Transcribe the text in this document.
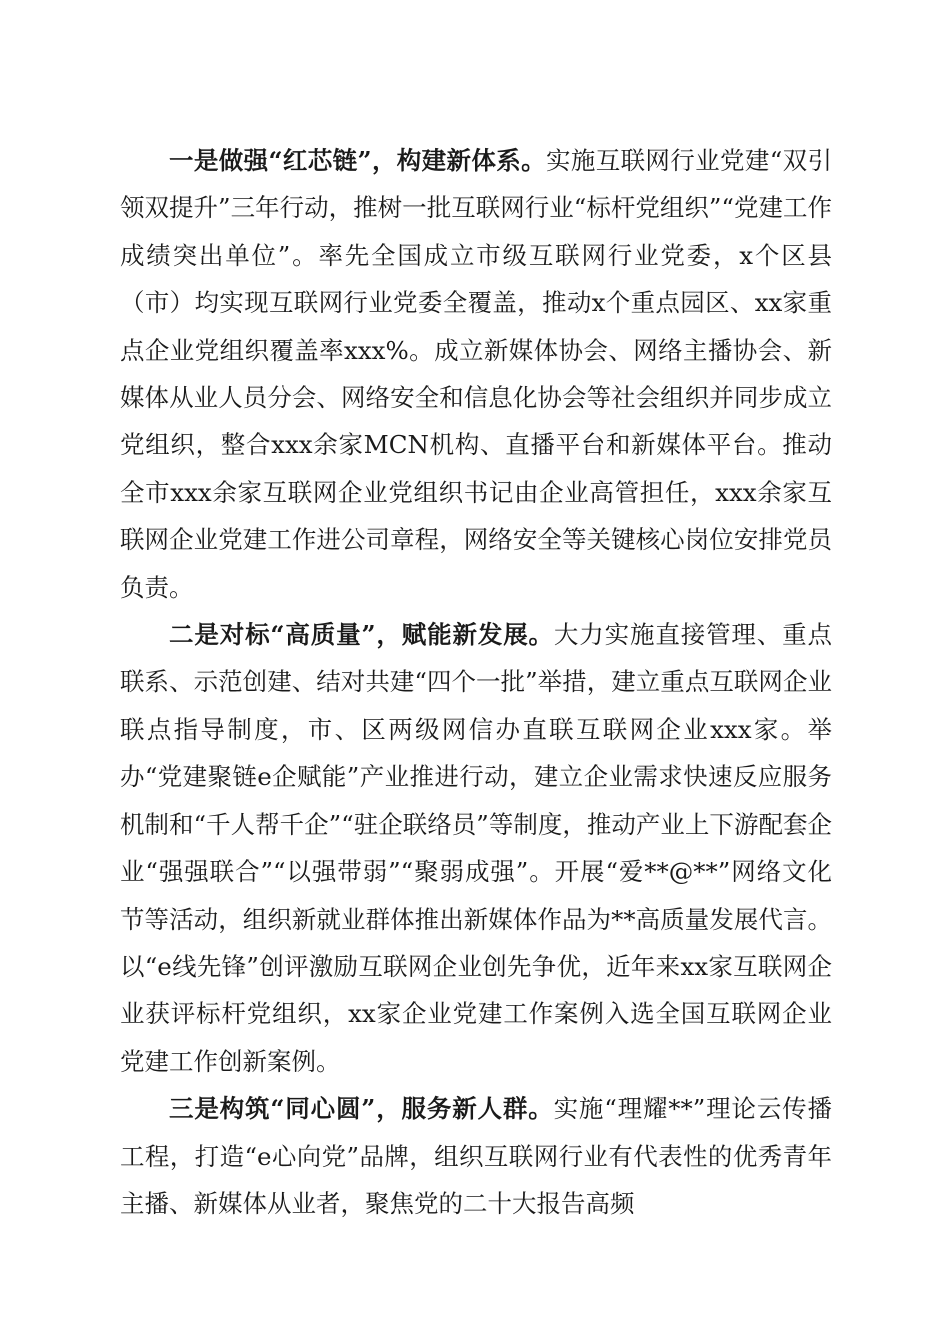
一是做强“红芯链”，构建新体系。实施互联网行业党建“双引领双提升”三年行动，推树一批互联网行业“标杆党组织”“党建工作成绩突出单位”。率先全国成立市级互联网行业党委，x个区县（市）均实现互联网行业党委全覆盖，推动x个重点园区、xx家重点企业党组织覆盖率xxx%。成立新媒体协会、网络主播协会、新媒体从业人员分会、网络安全和信息化协会等社会组织并同步成立党组织，整合xxx余家MCN机构、直播平台和新媒体平台。推动全市xxx余家互联网企业党组织书记由企业高管担任，xxx余家互联网企业党建工作进公司章程，网络安全等关键核心岗位安排党员负责。

二是对标“高质量”，赋能新发展。大力实施直接管理、重点联系、示范创建、结对共建“四个一批”举措，建立重点互联网企业联点指导制度，市、区两级网信办直联互联网企业xxx家。举办“党建聚链e企赋能”产业推进行动，建立企业需求快速反应服务机制和“千人帮千企”“驻企联络员”等制度，推动产业上下游配套企业“强强联合”“以强带弱”“聚弱成强”。开展“爱**@**”网络文化节等活动，组织新就业群体推出新媒体作品为**高质量发展代言。以“e线先锋”创评激励互联网企业创先争优，近年来xx家互联网企业获评标杆党组织，xx家企业党建工作案例入选全国互联网企业党建工作创新案例。

三是构筑“同心圆”，服务新人群。实施“理耀**”理论云传播工程，打造“e心向党”品牌，组织互联网行业有代表性的优秀青年主播、新媒体从业者，聚焦党的二十大报告高频
